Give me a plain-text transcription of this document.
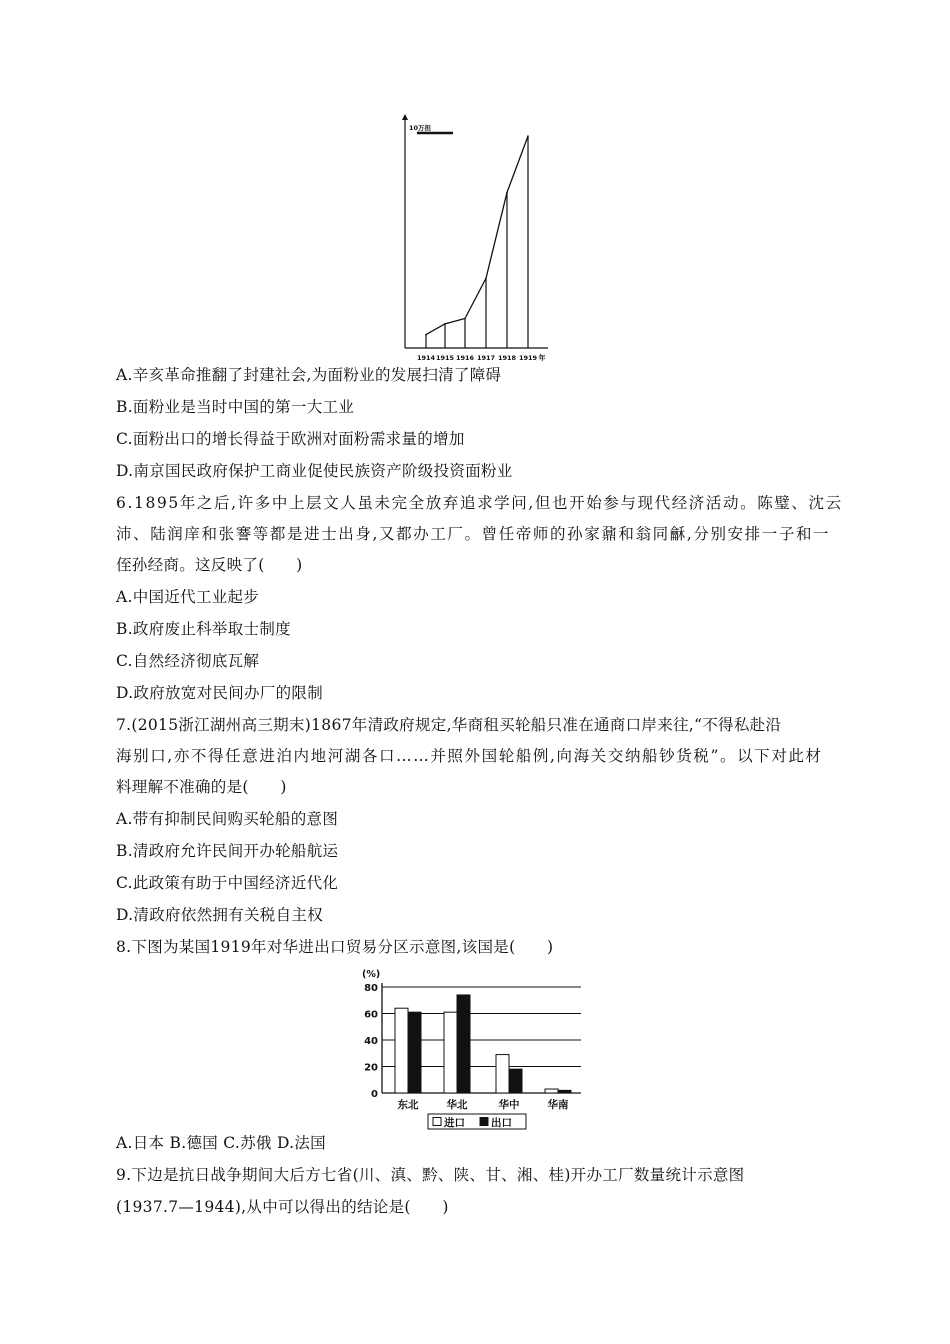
10万担
1914 1915 1916 1917 1918 1919 年
A.辛亥革命推翻了封建社会,为面粉业的发展扫清了障碍
B.面粉业是当时中国的第一大工业
C.面粉出口的增长得益于欧洲对面粉需求量的增加
D.南京国民政府保护工商业促使民族资产阶级投资面粉业
6.1895年之后,许多中上层文人虽未完全放弃追求学问,但也开始参与现代经济活动。陈璧、沈云
沛、陆润庠和张謇等都是进士出身,又都办工厂。曾任帝师的孙家鼐和翁同龢,分别安排一子和一
侄孙经商。这反映了(　　)
A.中国近代工业起步
B.政府废止科举取士制度
C.自然经济彻底瓦解
D.政府放宽对民间办厂的限制
7.(2015浙江湖州高三期末)1867年清政府规定,华商租买轮船只准在通商口岸来往,“不得私赴沿
海别口,亦不得任意进泊内地河湖各口……并照外国轮船例,向海关交纳船钞货税”。以下对此材
料理解不准确的是(　　)
A.带有抑制民间购买轮船的意图
B.清政府允许民间开办轮船航运
C.此政策有助于中国经济近代化
D.清政府依然拥有关税自主权
8.下图为某国1919年对华进出口贸易分区示意图,该国是(　　)
(%)
0
20
40
60
80
东北	华北	华中	华南
进口 出口
A.日本 B.德国 C.苏俄 D.法国
9.下边是抗日战争期间大后方七省(川、滇、黔、陕、甘、湘、桂)开办工厂数量统计示意图
(1937.7—1944),从中可以得出的结论是(　　)
